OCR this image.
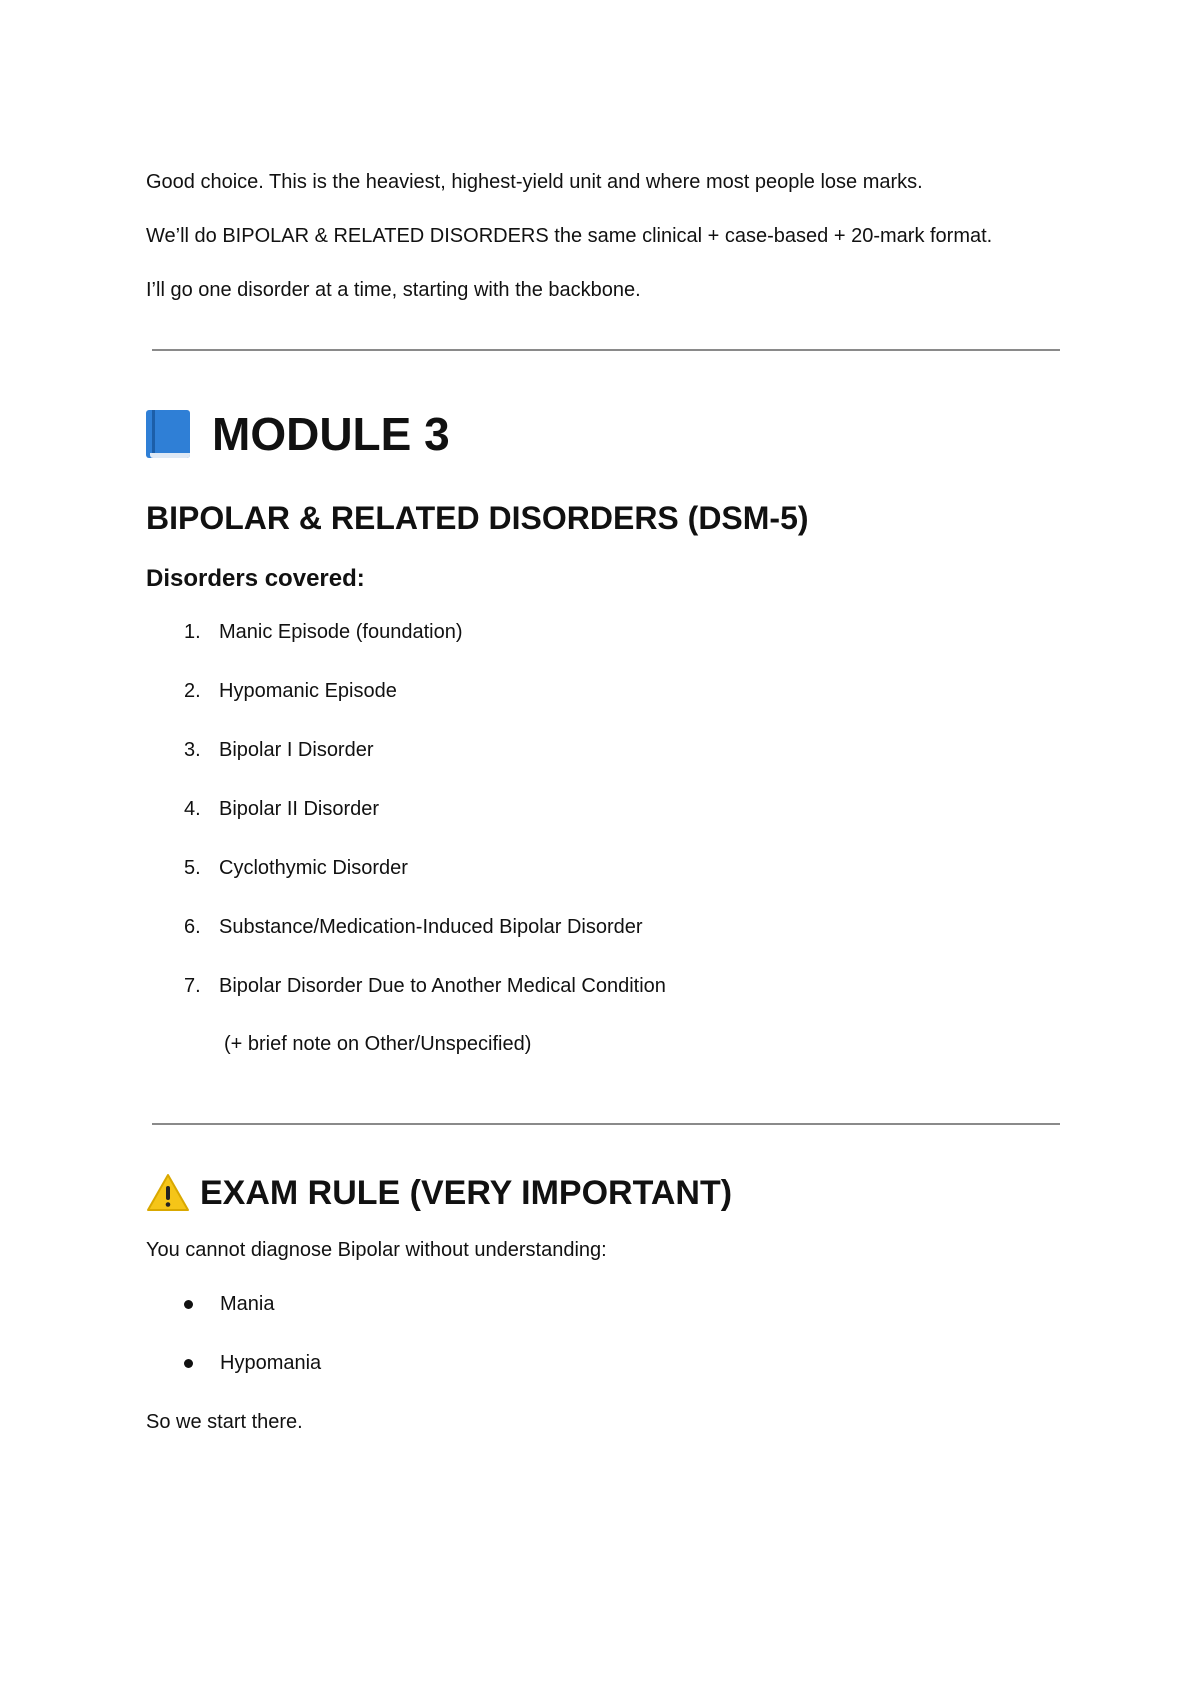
Good choice. This is the heaviest, highest-yield unit and where most people lose marks.

We’ll do BIPOLAR & RELATED DISORDERS the same clinical + case-based + 20-mark format.

I’ll go one disorder at a time, starting with the backbone.

MODULE 3
BIPOLAR & RELATED DISORDERS (DSM-5)
Disorders covered:
1. Manic Episode (foundation)
2. Hypomanic Episode
3. Bipolar I Disorder
4. Bipolar II Disorder
5. Cyclothymic Disorder
6. Substance/Medication-Induced Bipolar Disorder
7. Bipolar Disorder Due to Another Medical Condition

(+ brief note on Other/Unspecified)

EXAM RULE (VERY IMPORTANT)

You cannot diagnose Bipolar without understanding:

Mania
Hypomania

So we start there.
